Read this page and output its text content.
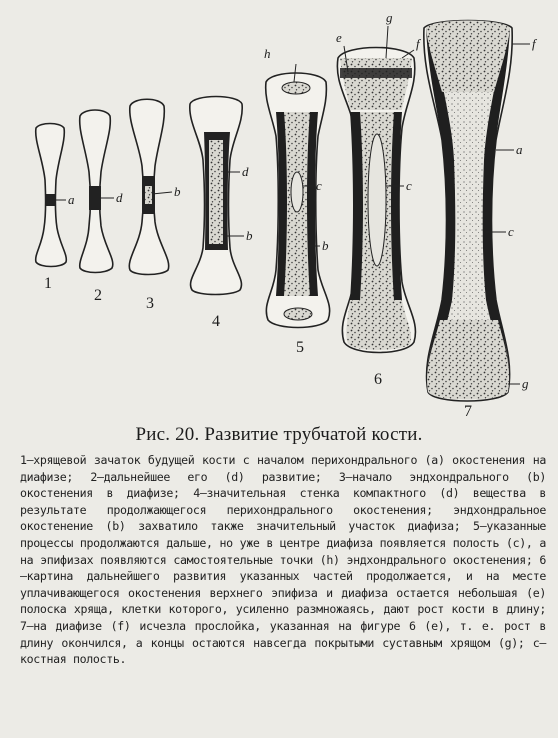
a	d	b
d
b
h
c
b
e
g
f
c
f
a
c
g
1
2	3
4
5
6
7
Рис. 20. Развитие трубчатой кости.
1—хрящевой зачаток будущей кости с началом перихондрального (a) окостенения на диафизе; 2—дальнейшее его (d) развитие; 3—начало эндхондрального (b) окостенения в диафизе; 4—значительная стенка компактного (d) вещества в результате продолжающегося перихондрального окостенения; эндхондральное окостенение (b) захватило также значительный участок диафиза; 5—указанные процессы продолжаются дальше, но уже в центре диафиза появляется полость (c), а на эпифизах появляются самостоятельные точки (h) эндхондрального окостенения; 6—картина дальнейшего развития указанных частей продолжается, и на месте уплачивающегося окостенения верхнего эпифиза и диафиза остается небольшая (e) полоска хряща, клетки которого, усиленно размножаясь, дают рост кости в длину; 7—на диафизе (f) исчезла прослойка, указанная на фигуре 6 (e), т. е. рост в длину окончился, а концы остаются навсегда покрытыми суставным хрящом (g); c—костная полость.
